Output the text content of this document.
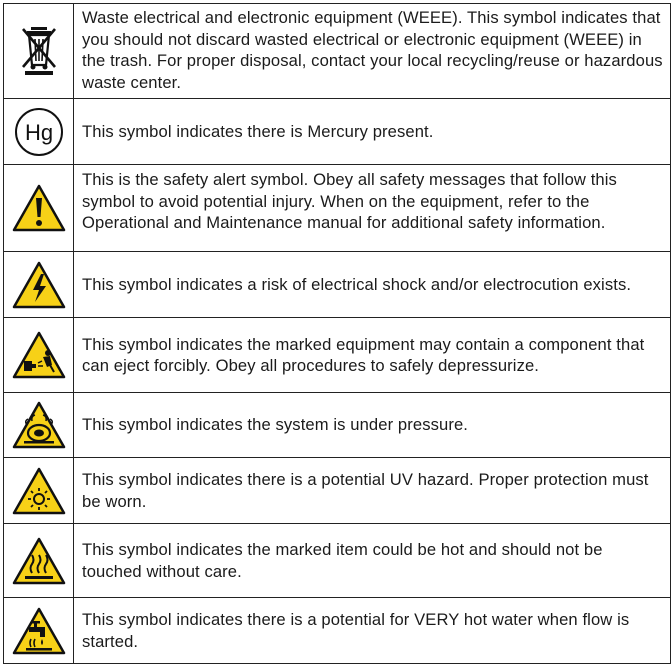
Waste electrical and electronic equipment (WEEE). This symbol indicates that you should not discard wasted electrical or electronic equipment (WEEE) in the trash. For proper disposal, contact your local recycling/reuse or hazardous waste center.

Hg	This symbol indicates there is Mercury present.

This is the safety alert symbol. Obey all safety messages that follow this symbol to avoid potential injury. When on the equipment, refer to the Operational and Maintenance manual for additional safety information.

This symbol indicates a risk of electrical shock and/or electrocution exists.

This symbol indicates the marked equipment may contain a component that can eject forcibly. Obey all procedures to safely depressurize.

This symbol indicates the system is under pressure.

This symbol indicates there is a potential UV hazard. Proper protection must be worn.

This symbol indicates the marked item could be hot and should not be touched without care.

This symbol indicates there is a potential for VERY hot water when flow is started.
